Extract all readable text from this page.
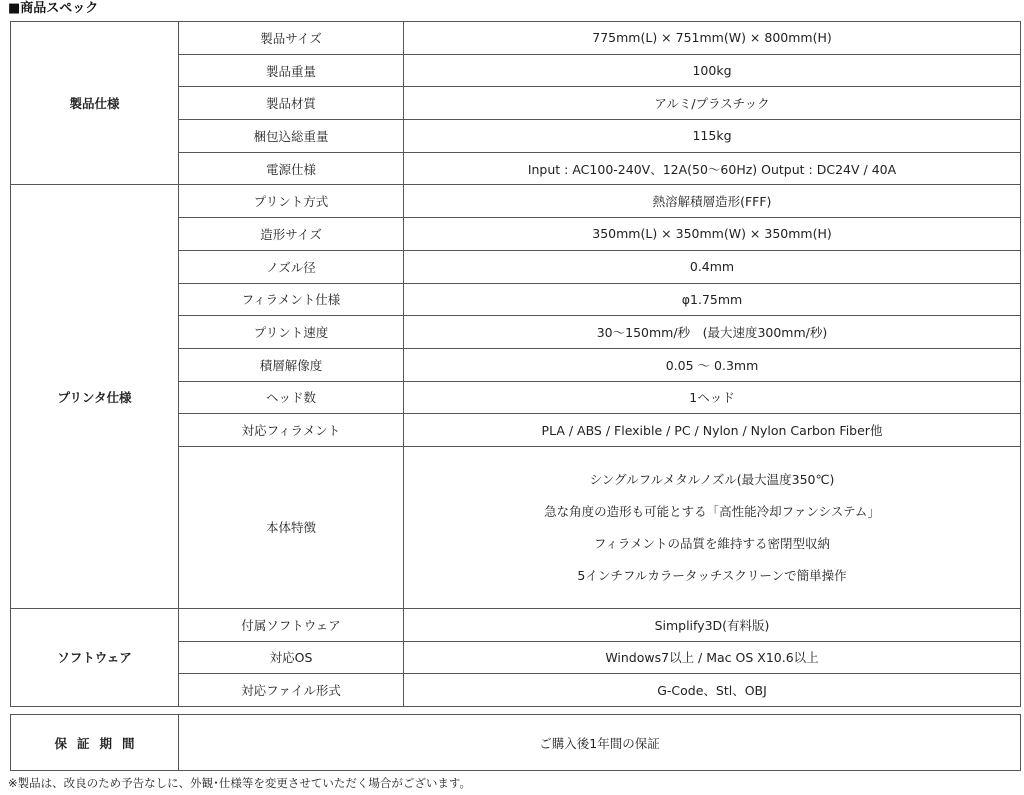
■商品スペック
製品仕様	製品サイズ	775mm(L) × 751mm(W) × 800mm(H)
	製品重量	100kg
	製品材質	アルミ/プラスチック
	梱包込総重量	115kg
	電源仕様	Input : AC100-240V、12A(50〜60Hz) Output : DC24V / 40A
プリンタ仕様	プリント方式	熱溶解積層造形(FFF)
	造形サイズ	350mm(L) × 350mm(W) × 350mm(H)
	ノズル径	0.4mm
	フィラメント仕様	φ1.75mm
	プリント速度	30〜150mm/秒　(最大速度300mm/秒)
	積層解像度	0.05 〜 0.3mm
	ヘッド数	1ヘッド
	対応フィラメント	PLA / ABS / Flexible / PC / Nylon / Nylon Carbon Fiber他
	本体特徴	シングルフルメタルノズル(最大温度350℃)
急な角度の造形も可能とする「高性能冷却ファンシステム」
フィラメントの品質を維持する密閉型収納
5インチフルカラータッチスクリーンで簡単操作

ソフトウェア	付属ソフトウェア	Simplify3D(有料版)
	対応OS	Windows7以上 / Mac OS X10.6以上
	対応ファイル形式	G-Code、Stl、OBJ
保証期間	ご購入後1年間の保証
※製品は、改良のため予告なしに、外観･仕様等を変更させていただく場合がございます。
